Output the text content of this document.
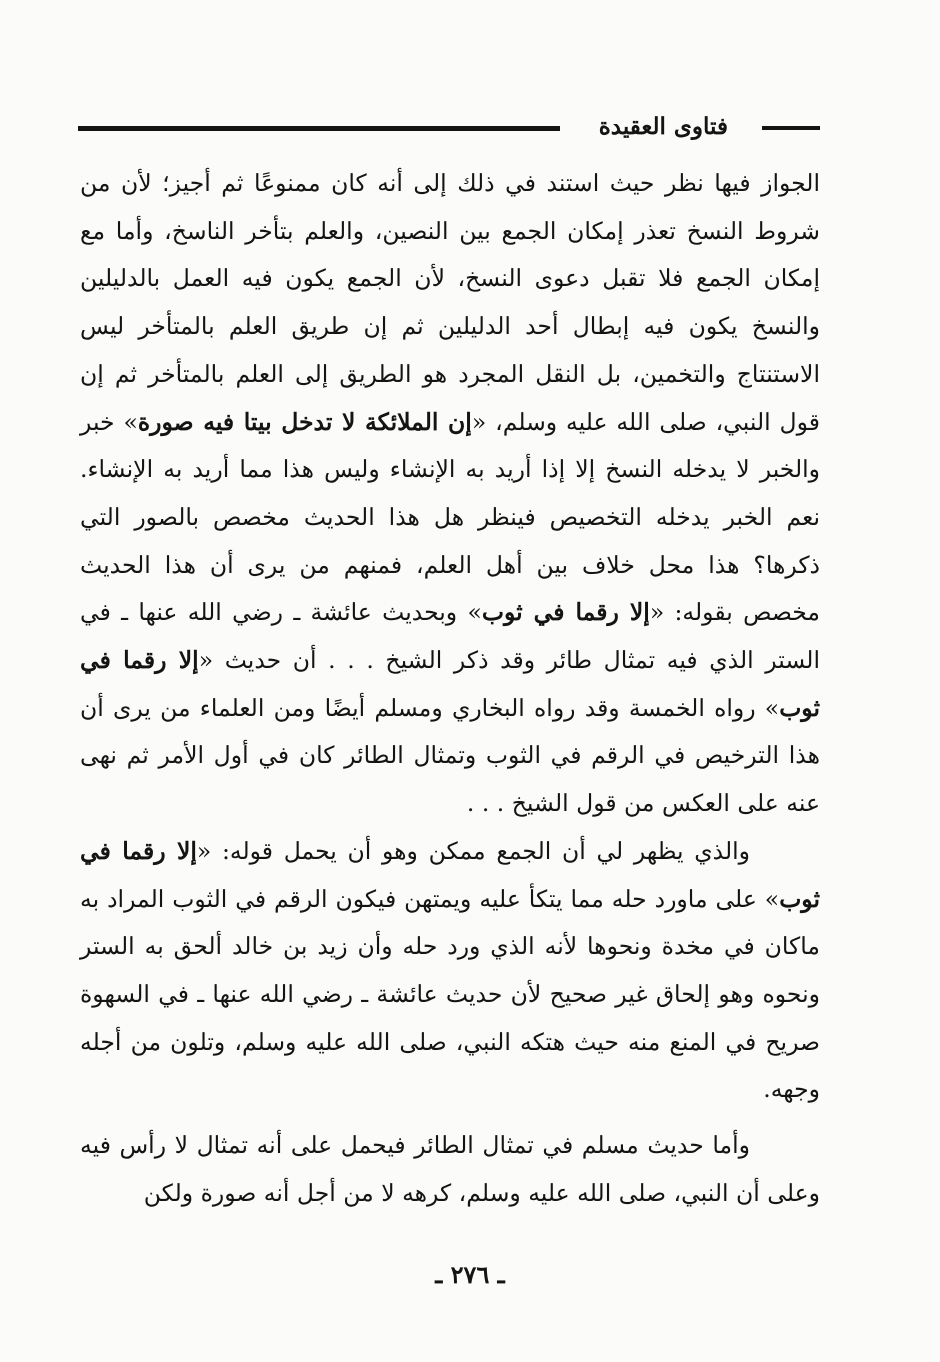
فتاوى العقيدة

الجواز فيها نظر حيث استند في ذلك إلى أنه كان ممنوعًا ثم أجيز؛ لأن من شروط النسخ تعذر إمكان الجمع بين النصين، والعلم بتأخر الناسخ، وأما مع إمكان الجمع فلا تقبل دعوى النسخ، لأن الجمع يكون فيه العمل بالدليلين والنسخ يكون فيه إبطال أحد الدليلين ثم إن طريق العلم بالمتأخر ليس الاستنتاج والتخمين، بل النقل المجرد هو الطريق إلى العلم بالمتأخر ثم إن قول النبي، صلى الله عليه وسلم، «إن الملائكة لا تدخل بيتا فيه صورة» خبر والخبر لا يدخله النسخ إلا إذا أريد به الإنشاء وليس هذا مما أريد به الإنشاء. نعم الخبر يدخله التخصيص فينظر هل هذا الحديث مخصص بالصور التي ذكرها؟ هذا محل خلاف بين أهل العلم، فمنهم من يرى أن هذا الحديث مخصص بقوله: «إلا رقما في ثوب» وبحديث عائشة ـ رضي الله عنها ـ في الستر الذي فيه تمثال طائر وقد ذكر الشيخ . . . أن حديث «إلا رقما في ثوب» رواه الخمسة وقد رواه البخاري ومسلم أيضًا ومن العلماء من يرى أن هذا الترخيص في الرقم في الثوب وتمثال الطائر كان في أول الأمر ثم نهى عنه على العكس من قول الشيخ . . .

والذي يظهر لي أن الجمع ممكن وهو أن يحمل قوله: «إلا رقما في ثوب» على ماورد حله مما يتكأ عليه ويمتهن فيكون الرقم في الثوب المراد به ماكان في مخدة ونحوها لأنه الذي ورد حله وأن زيد بن خالد ألحق به الستر ونحوه وهو إلحاق غير صحيح لأن حديث عائشة ـ رضي الله عنها ـ في السهوة صريح في المنع منه حيث هتكه النبي، صلى الله عليه وسلم، وتلون من أجله وجهه.

وأما حديث مسلم في تمثال الطائر فيحمل على أنه تمثال لا رأس فيه وعلى أن النبي، صلى الله عليه وسلم، كرهه لا من أجل أنه صورة ولكن

ـ ٢٧٦ ـ
